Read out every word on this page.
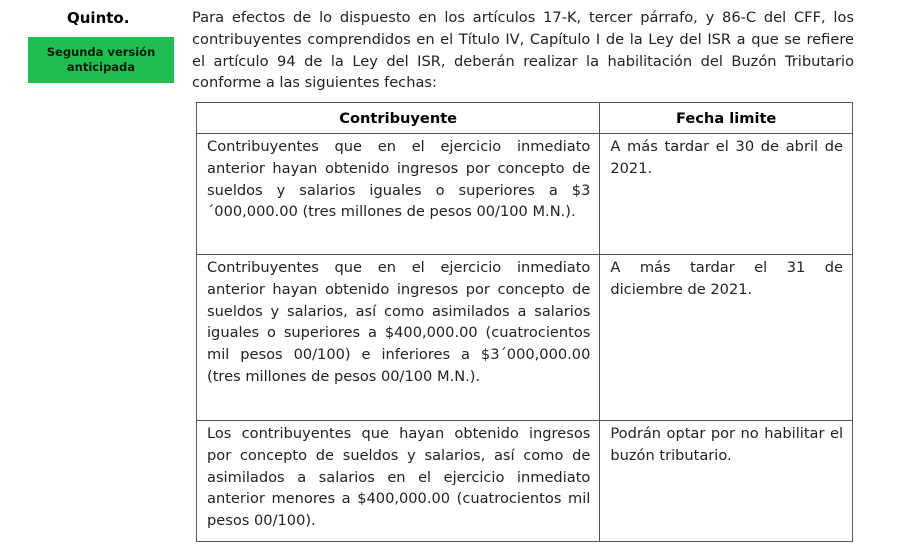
Quinto.
Segunda versión
anticipada
Para efectos de lo dispuesto en los artículos 17-K, tercer párrafo, y 86-C del CFF, los contribuyentes comprendidos en el Título IV, Capítulo I de la Ley del ISR a que se refiere el artículo 94 de la Ley del ISR, deberán realizar la habilitación del Buzón Tributario conforme a las siguientes fechas:
Contribuyente	Fecha limite
Contribuyentes que en el ejercicio inmediato anterior hayan obtenido ingresos por concepto de sueldos y salarios iguales o superiores a $3´000,000.00 (tres millones de pesos 00/100 M.N.).	A más tardar el 30 de abril de 2021.
Contribuyentes que en el ejercicio inmediato anterior hayan obtenido ingresos por concepto de sueldos y salarios, así como asimilados a salarios iguales o superiores a $400,000.00 (cuatrocientos mil pesos 00/100) e inferiores a $3´000,000.00 (tres millones de pesos 00/100 M.N.).	A más tardar el 31 de diciembre de 2021.
Los contribuyentes que hayan obtenido ingresos por concepto de sueldos y salarios, así como de asimilados a salarios en el ejercicio inmediato anterior menores a $400,000.00 (cuatrocientos mil pesos 00/100).	Podrán optar por no habilitar el buzón tributario.
